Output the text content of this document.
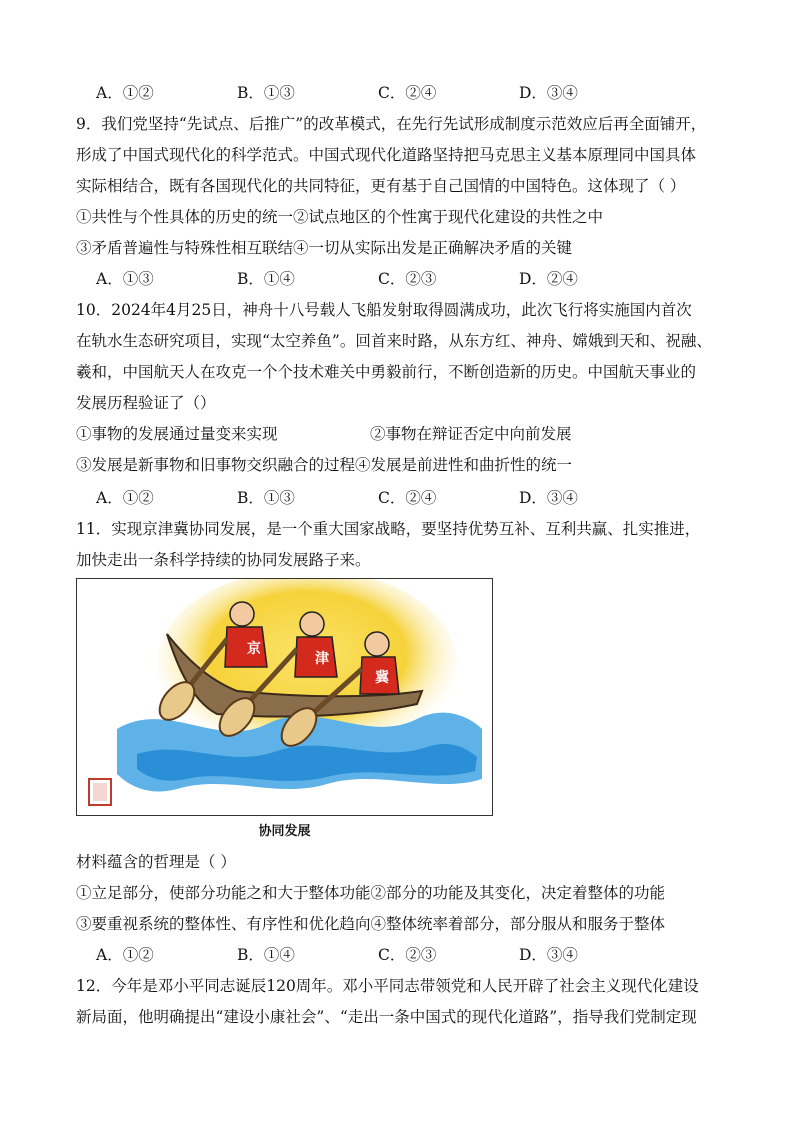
A．①②	B．①③	C．②④	D．③④
9．我们党坚持“先试点、后推广”的改革模式，在先行先试形成制度示范效应后再全面铺开，
形成了中国式现代化的科学范式。中国式现代化道路坚持把马克思主义基本原理同中国具体
实际相结合，既有各国现代化的共同特征，更有基于自己国情的中国特色。这体现了（ ）
①共性与个性具体的历史的统一②试点地区的个性寓于现代化建设的共性之中
③矛盾普遍性与特殊性相互联结④一切从实际出发是正确解决矛盾的关键
A．①③	B．①④	C．②③	D．②④
10．2024年4月25日，神舟十八号载人飞船发射取得圆满成功，此次飞行将实施国内首次
在轨水生态研究项目，实现“太空养鱼”。回首来时路，从东方红、神舟、嫦娥到天和、祝融、
羲和，中国航天人在攻克一个个技术难关中勇毅前行，不断创造新的历史。中国航天事业的
发展历程验证了（）
①事物的发展通过量变来实现	②事物在辩证否定中向前发展
③发展是新事物和旧事物交织融合的过程④发展是前进性和曲折性的统一
A．①②	B．①③	C．②④	D．③④
11．实现京津冀协同发展，是一个重大国家战略，要坚持优势互补、互利共赢、扎实推进，
加快走出一条科学持续的协同发展路子来。
京
津
冀
协同发展
材料蕴含的哲理是（ ）
①立足部分，使部分功能之和大于整体功能②部分的功能及其变化，决定着整体的功能
③要重视系统的整体性、有序性和优化趋向④整体统率着部分，部分服从和服务于整体
A．①②	B．①④	C．②③	D．③④
12．今年是邓小平同志诞辰120周年。邓小平同志带领党和人民开辟了社会主义现代化建设
新局面，他明确提出“建设小康社会”、“走出一条中国式的现代化道路”，指导我们党制定现
